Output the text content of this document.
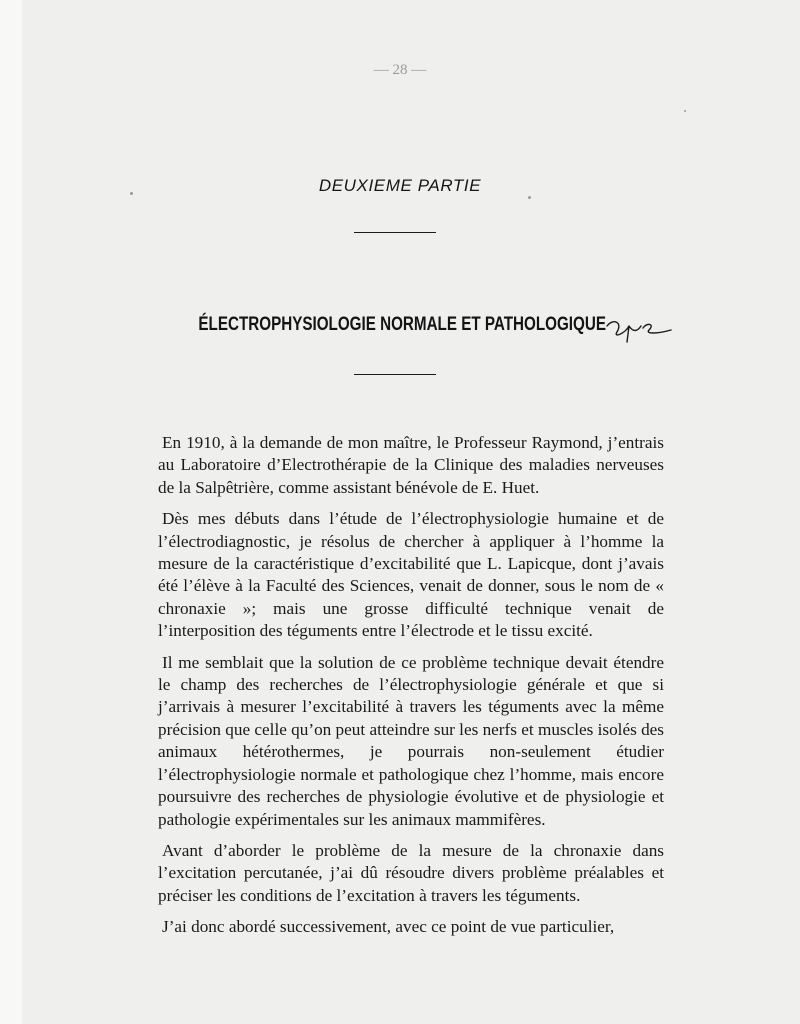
— 28 —
DEUXIEME PARTIE
ÉLECTROPHYSIOLOGIE NORMALE ET PATHOLOGIQUE

En 1910, à la demande de mon maître, le Professeur Raymond, j’entrais au Laboratoire d’Electrothérapie de la Clinique des maladies nerveuses de la Salpêtrière, comme assistant bénévole de E. Huet.

Dès mes débuts dans l’étude de l’électrophysiologie humaine et de l’électrodiagnostic, je résolus de chercher à appliquer à l’homme la mesure de la caractéristique d’excitabilité que L. Lapicque, dont j’avais été l’élève à la Faculté des Sciences, venait de donner, sous le nom de « chronaxie »; mais une grosse difficulté technique venait de l’interposition des téguments entre l’électrode et le tissu excité.

Il me semblait que la solution de ce problème technique devait étendre le champ des recherches de l’électrophysiologie générale et que si j’arrivais à mesurer l’excitabilité à travers les téguments avec la même précision que celle qu’on peut atteindre sur les nerfs et muscles isolés des animaux hétérothermes, je pourrais non-seulement étudier l’électrophysiologie normale et pathologique chez l’homme, mais encore poursuivre des recherches de physiologie évolutive et de physiologie et pathologie expérimentales sur les animaux mammifères.

Avant d’aborder le problème de la mesure de la chronaxie dans l’excitation percutanée, j’ai dû résoudre divers problème préalables et préciser les conditions de l’excitation à travers les téguments.

J’ai donc abordé successivement, avec ce point de vue particulier,
